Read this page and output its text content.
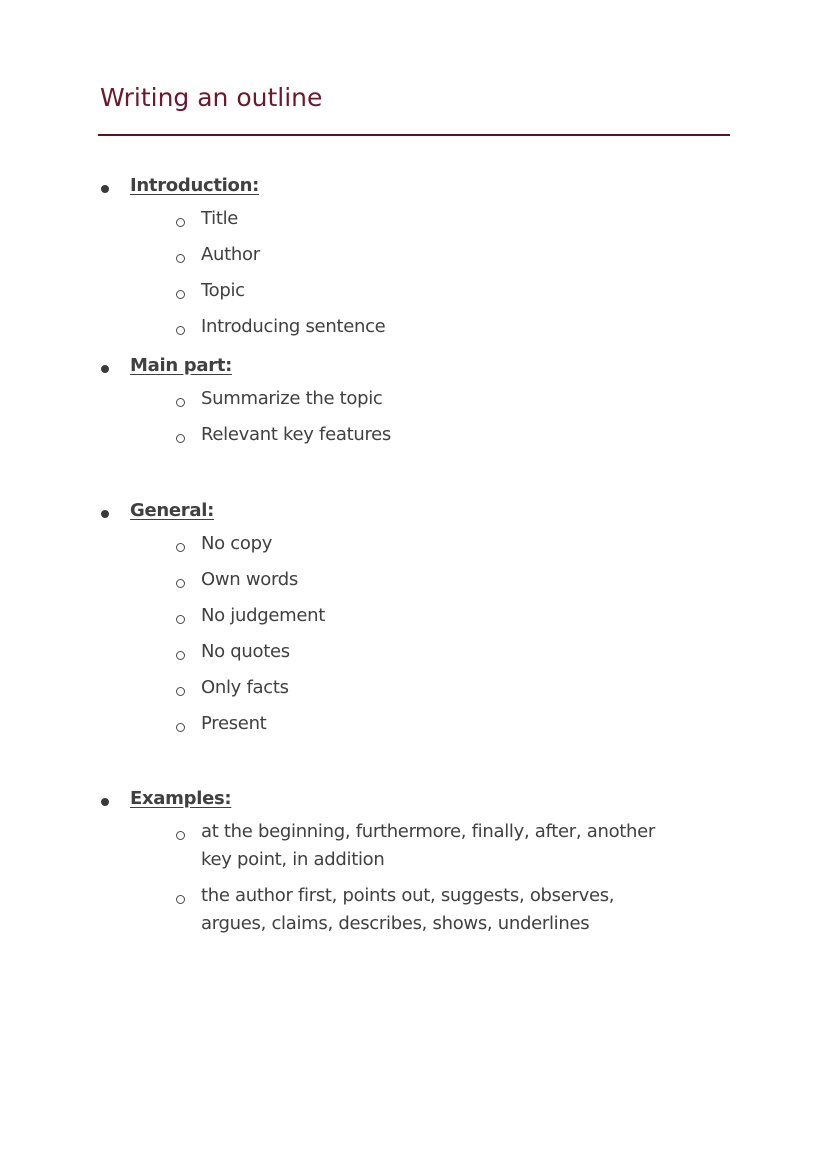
Writing an outline
Introduction:
Title
Author
Topic
Introducing sentence
Main part:
Summarize the topic
Relevant key features
General:
No copy
Own words
No judgement
No quotes
Only facts
Present
Examples:
at the beginning, furthermore, finally, after, another key point, in addition
the author first, points out, suggests, observes, argues, claims, describes, shows, underlines
